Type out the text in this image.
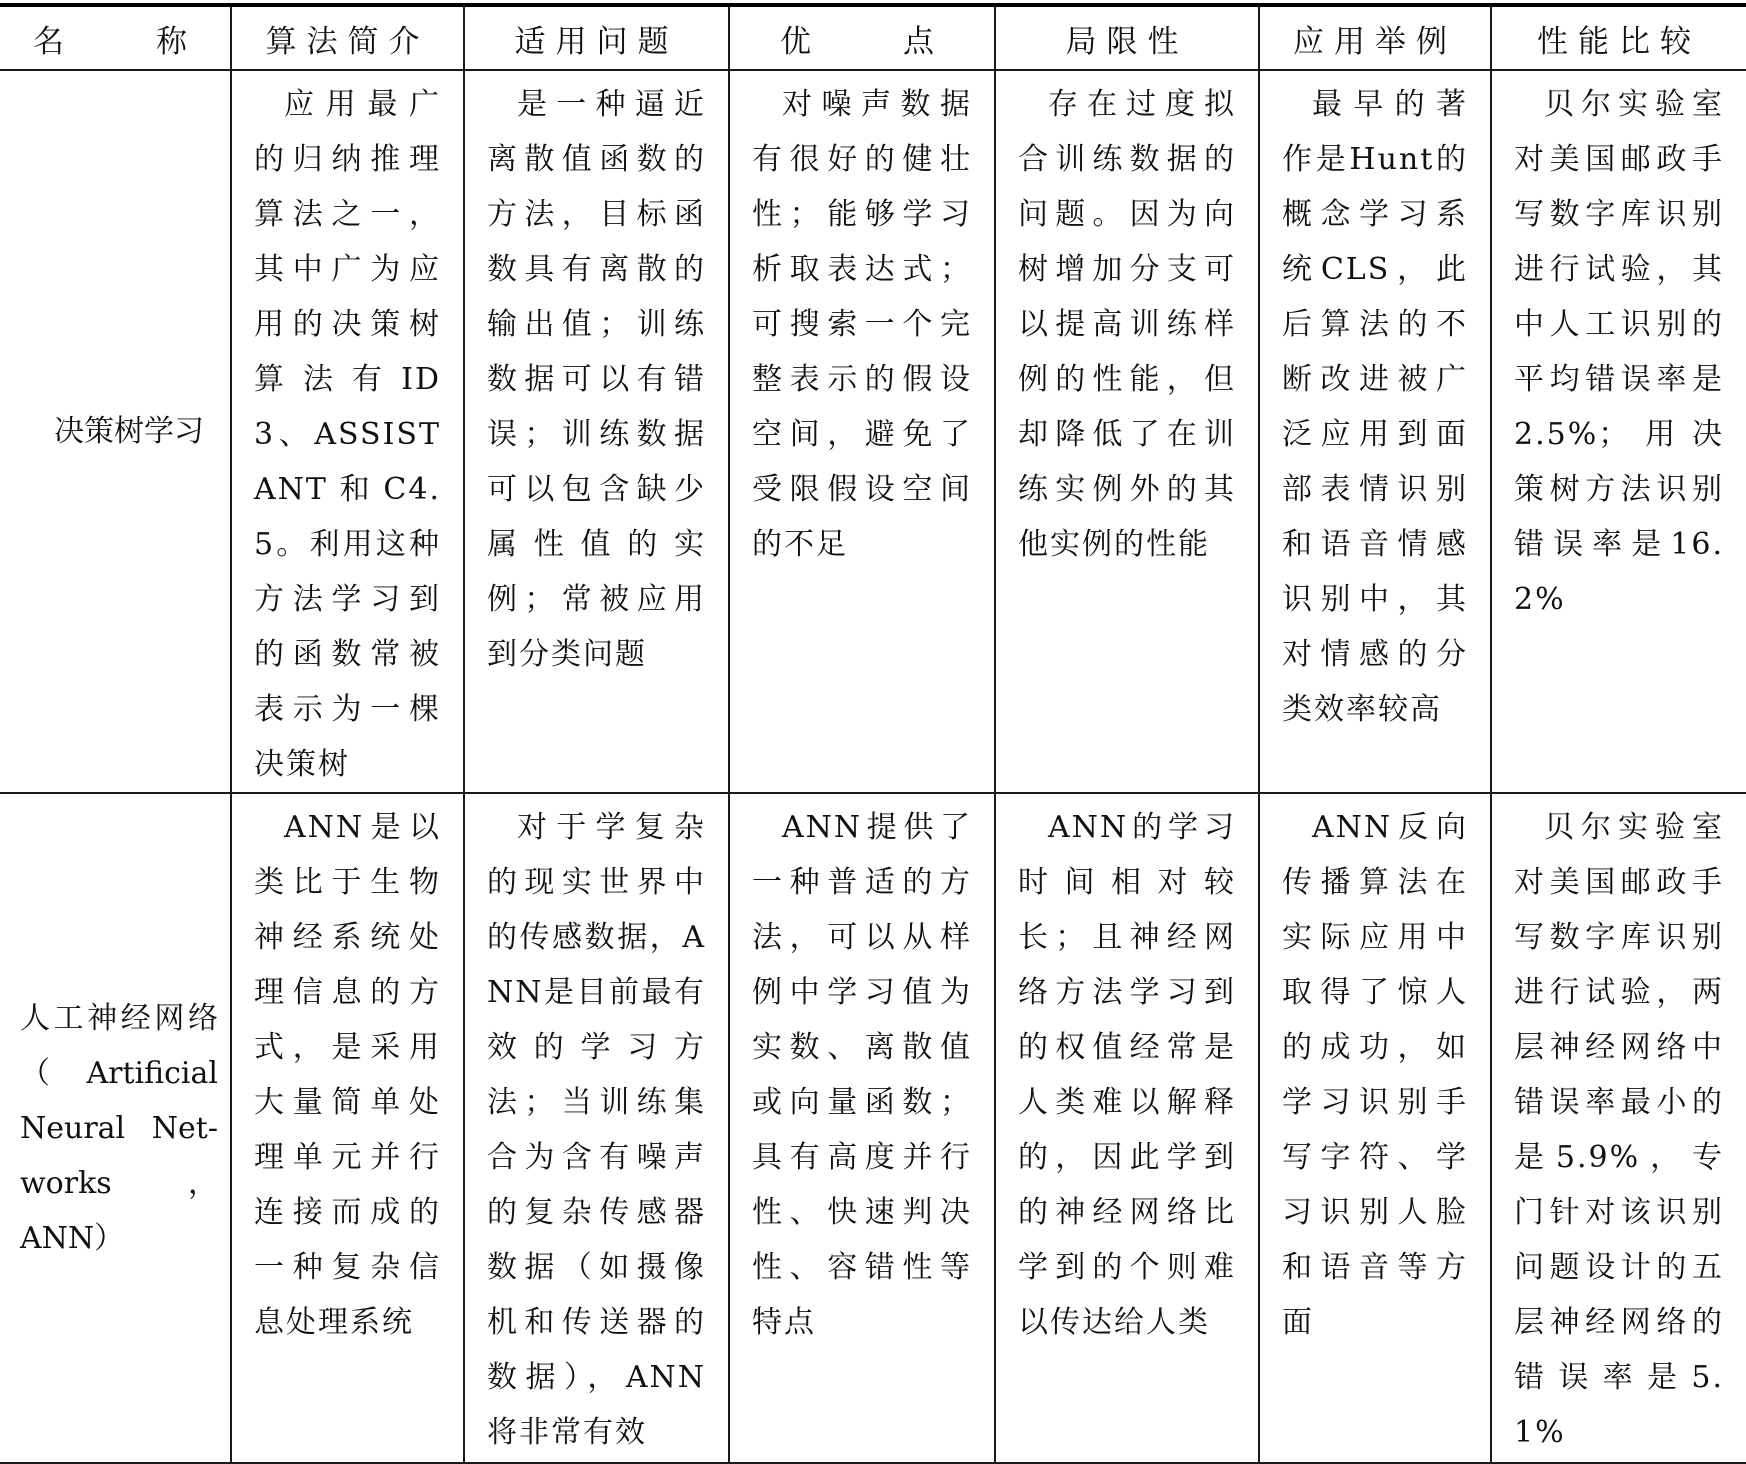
名　　称	算法简介	适用问题	优　　点	局限性	应用举例	性能比较
决策树学习	应用最广的归纳推理算法之一，其中广为应用的决策树算法有ID3、ASSISTANT和C4.5。利用这种方法学习到的函数常被表示为一棵决策树	是一种逼近离散值函数的方法，目标函数具有离散的输出值；训练数据可以有错误；训练数据可以包含缺少属性值的实例；常被应用到分类问题	对噪声数据有很好的健壮性；能够学习析取表达式；可搜索一个完整表示的假设空间，避免了受限假设空间的不足	存在过度拟合训练数据的问题。因为向树增加分支可以提高训练样例的性能，但却降低了在训练实例外的其他实例的性能	最早的著作是Hunt的概念学习系统CLS，此后算法的不断改进被广泛应用到面部表情识别和语音情感识别中，其对情感的分类效率较高	贝尔实验室对美国邮政手写数字库识别进行试验，其中人工识别的平均错误率是2.5%；用决策树方法识别错误率是16.2%
人工神经网络（Artificial Neural Net-works，ANN）	ANN是以类比于生物神经系统处理信息的方式，是采用大量简单处理单元并行连接而成的一种复杂信息处理系统	对于学复杂的现实世界中的传感数据，ANN是目前最有效的学习方法；当训练集合为含有噪声的复杂传感器数据（如摄像机和传送器的数据），ANN将非常有效	ANN提供了一种普适的方法，可以从样例中学习值为实数、离散值或向量函数；具有高度并行性、快速判决性、容错性等特点	ANN的学习时间相对较长；且神经网络方法学习到的权值经常是人类难以解释的，因此学到的神经网络比学到的个则难以传达给人类	ANN反向传播算法在实际应用中取得了惊人的成功，如学习识别手写字符、学习识别人脸和语音等方面	贝尔实验室对美国邮政手写数字库识别进行试验，两层神经网络中错误率最小的是5.9%，专门针对该识别问题设计的五层神经网络的错误率是5.1%
